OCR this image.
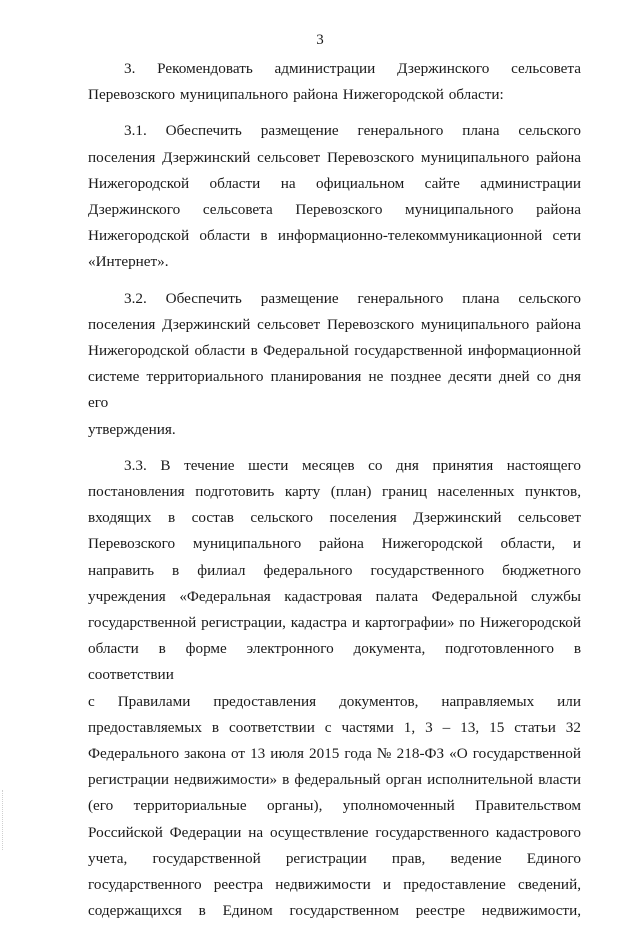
3

3. Рекомендовать администрации Дзержинского сельсовета
Перевозского муниципального района Нижегородской области:

3.1. Обеспечить размещение генерального плана сельского
поселения Дзержинский сельсовет Перевозского муниципального района
Нижегородской области на официальном сайте администрации
Дзержинского сельсовета Перевозского муниципального района
Нижегородской области в информационно-телекоммуникационной сети
«Интернет».

3.2. Обеспечить размещение генерального плана сельского
поселения Дзержинский сельсовет Перевозского муниципального района
Нижегородской области в Федеральной государственной информационной
системе территориального планирования не позднее десяти дней со дня его
утверждения.

3.3. В течение шести месяцев со дня принятия настоящего
постановления подготовить карту (план) границ населенных пунктов,
входящих в состав сельского поселения Дзержинский сельсовет
Перевозского муниципального района Нижегородской области, и
направить в филиал федерального государственного бюджетного
учреждения «Федеральная кадастровая палата Федеральной службы
государственной регистрации, кадастра и картографии» по Нижегородской
области в форме электронного документа, подготовленного в соответствии
с Правилами предоставления документов, направляемых или
предоставляемых в соответствии с частями 1, 3 – 13, 15 статьи 32
Федерального закона от 13 июля 2015 года № 218-ФЗ «О государственной
регистрации недвижимости» в федеральный орган исполнительной власти
(его территориальные органы), уполномоченный Правительством
Российской Федерации на осуществление государственного кадастрового
учета, государственной регистрации прав, ведение Единого
государственного реестра недвижимости и предоставление сведений,
содержащихся в Едином государственном реестре недвижимости,
